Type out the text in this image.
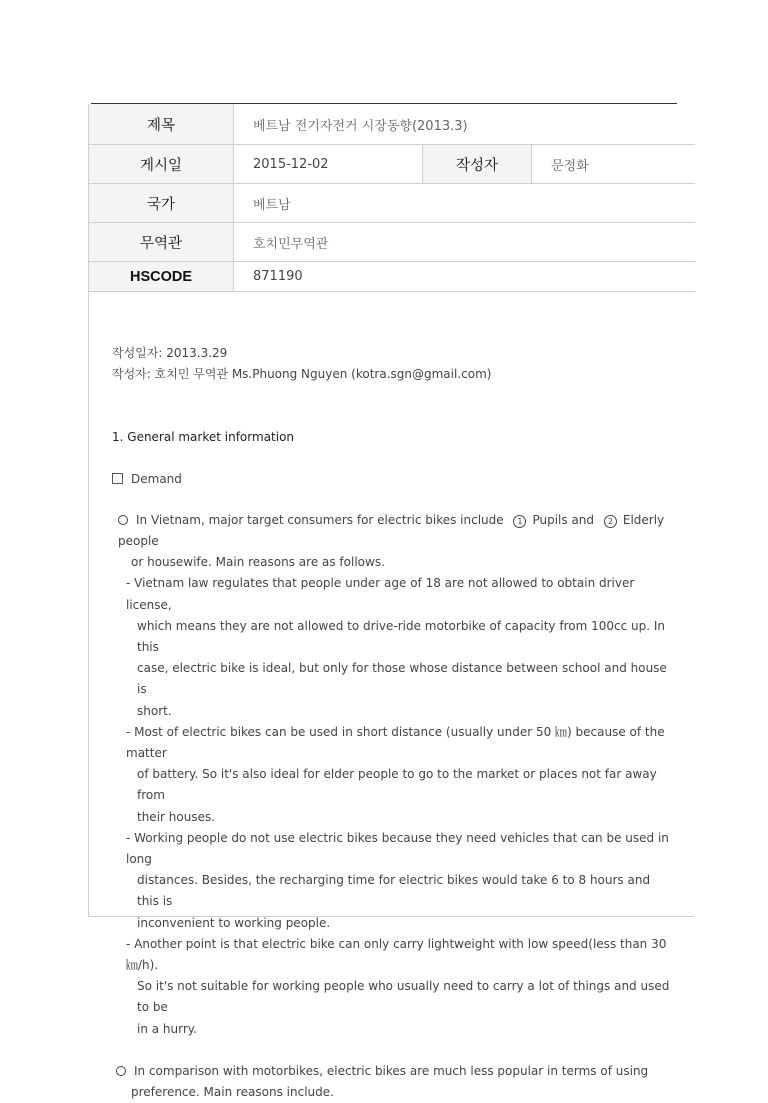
제목	베트남 전기자전거 시장동향(2013.3)		
게시일	2015-12-02	작성자	문정화
국가	베트남		
무역관	호치민무역관		
HSCODE	871190		
작성일자: 2013.3.29
작성자: 호치민 무역관 Ms.Phuong Nguyen (kotra.sgn@gmail.com)
1. General market information
Demand
In Vietnam, major target consumers for electric bikes include 1 Pupils and 2 Elderly people
or housewife. Main reasons are as follows.
- Vietnam law regulates that people under age of 18 are not allowed to obtain driver license,
which means they are not allowed to drive-ride motorbike of capacity from 100cc up. In this
case, electric bike is ideal, but only for those whose distance between school and house is
short.
- Most of electric bikes can be used in short distance (usually under 50 ㎞) because of the matter
of battery. So it's also ideal for elder people to go to the market or places not far away from
their houses.
- Working people do not use electric bikes because they need vehicles that can be used in long
distances. Besides, the recharging time for electric bikes would take 6 to 8 hours and this is
inconvenient to working people.
- Another point is that electric bike can only carry lightweight with low speed(less than 30 ㎞/h).
So it's not suitable for working people who usually need to carry a lot of things and used to be
in a hurry.
In comparison with motorbikes, electric bikes are much less popular in terms of using
preference. Main reasons include.
